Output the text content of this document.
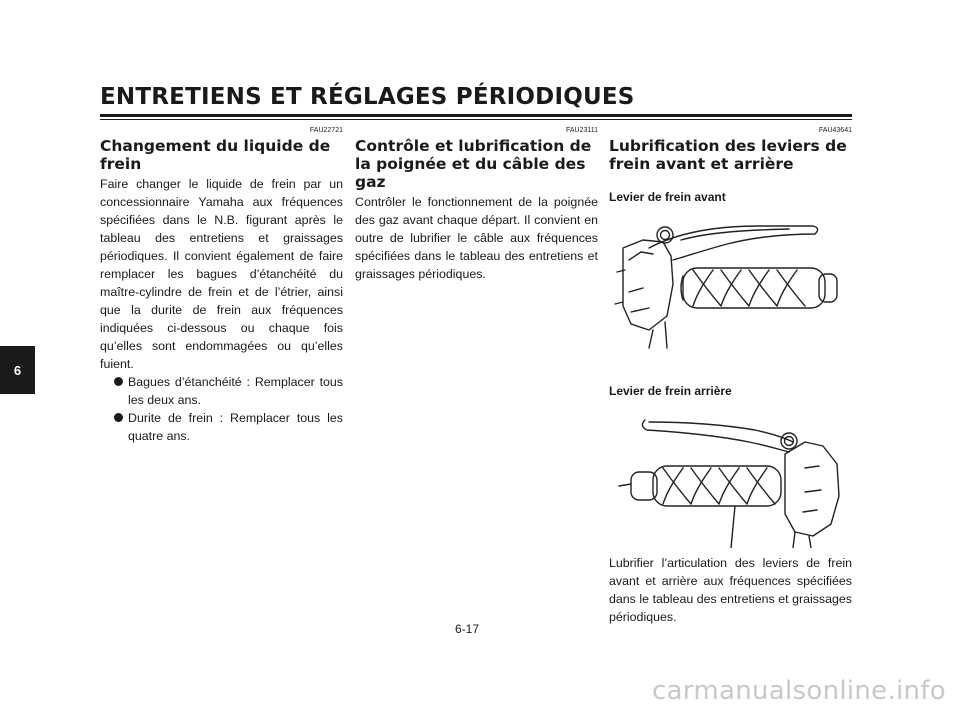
ENTRETIENS ET RÉGLAGES PÉRIODIQUES
FAU22721
Changement du liquide de frein

Faire changer le liquide de frein par un concessionnaire Yamaha aux fréquences spécifiées dans le N.B. figurant après le tableau des entretiens et graissages périodiques. Il convient également de faire remplacer les bagues d’étanchéité du maître-cylindre de frein et de l’étrier, ainsi que la durite de frein aux fréquences indiquées ci-dessous ou chaque fois qu’elles sont endommagées ou qu’elles fuient.

Bagues d’étanchéité : Remplacer tous les deux ans.
Durite de frein : Remplacer tous les quatre ans.
FAU23111
Contrôle et lubrification de la poignée et du câble des gaz

Contrôler le fonctionnement de la poignée des gaz avant chaque départ. Il convient en outre de lubrifier le câble aux fréquences spécifiées dans le tableau des entretiens et graissages périodiques.

FAU43641
Lubrification des leviers de frein avant et arrière
Levier de frein avant
Levier de frein arrière

Lubrifier l’articulation des leviers de frein avant et arrière aux fréquences spécifiées dans le tableau des entretiens et graissages périodiques.

6
6-17
carmanualsonline.info
